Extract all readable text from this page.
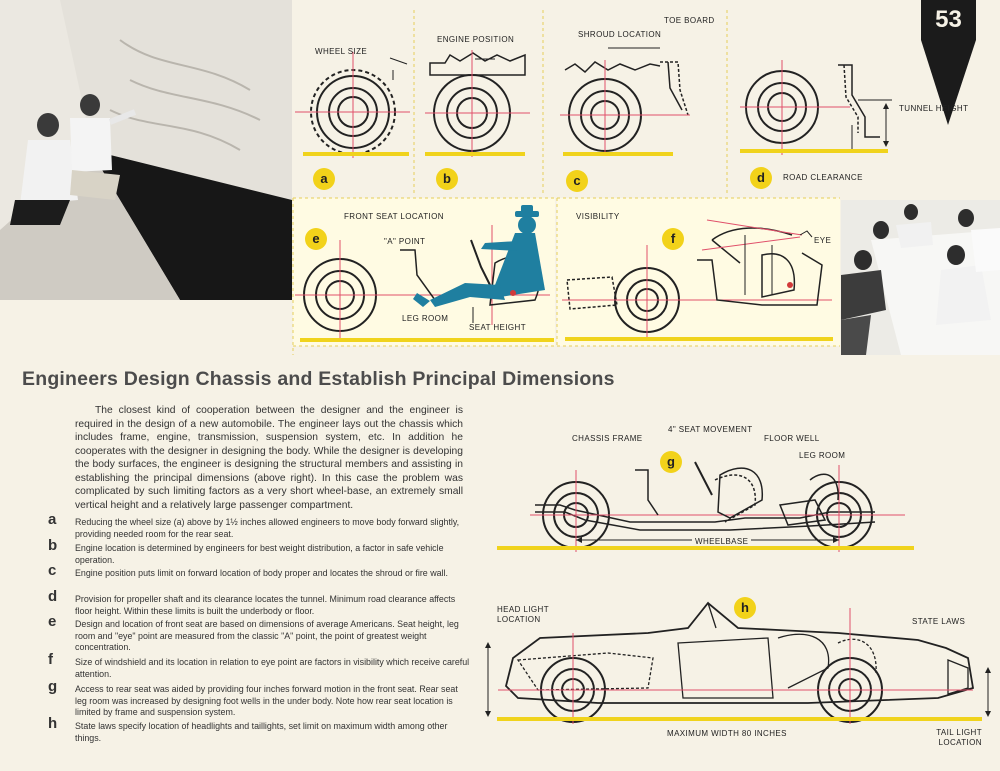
53
WHEEL SIZE
a
ENGINE POSITION
b
SHROUD LOCATION
TOE BOARD
c
TUNNEL HEIGHT
ROAD CLEARANCE
d
FRONT SEAT LOCATION
"A" POINT
LEG ROOM
SEAT HEIGHT
e
VISIBILITY
EYE
f
Engineers Design Chassis and Establish Principal Dimensions

The closest kind of cooperation between the designer and the engineer is required in the design of a new automobile. The engineer lays out the chassis which includes frame, engine, transmission, suspension system, etc. In addition he cooperates with the designer in designing the body. While the designer is developing the body surfaces, the engineer is designing the structural members and assisting in establishing the principal dimensions (above right). In this case the problem was complicated by such limiting factors as a very short wheel-base, an extremely small vertical height and a relatively large passenger compartment.

a Reducing the wheel size (a) above by 1½ inches allowed engineers to move body forward slightly, providing needed room for the rear seat.
b Engine location is determined by engineers for best weight distribution, a factor in safe vehicle operation.
c Engine position puts limit on forward location of body proper and locates the shroud or fire wall.
d Provision for propeller shaft and its clearance locates the tunnel. Minimum road clearance affects floor height. Within these limits is built the underbody or floor.
e Design and location of front seat are based on dimensions of average Americans. Seat height, leg room and "eye" point are measured from the classic "A" point, the point of greatest weight concentration.
f Size of windshield and its location in relation to eye point are factors in visibility which receive careful attention.
g Access to rear seat was aided by providing four inches forward motion in the front seat. Rear seat leg room was increased by designing foot wells in the under body. Note how rear seat location is limited by frame and suspension system.
h State laws specify location of headlights and taillights, set limit on maximum width among other things.
CHASSIS FRAME
4" SEAT MOVEMENT
FLOOR WELL
LEG ROOM
WHEELBASE
g
HEAD LIGHT LOCATION	STATE LAWS
MAXIMUM WIDTH 80 INCHES	TAIL LIGHT LOCATION
h
